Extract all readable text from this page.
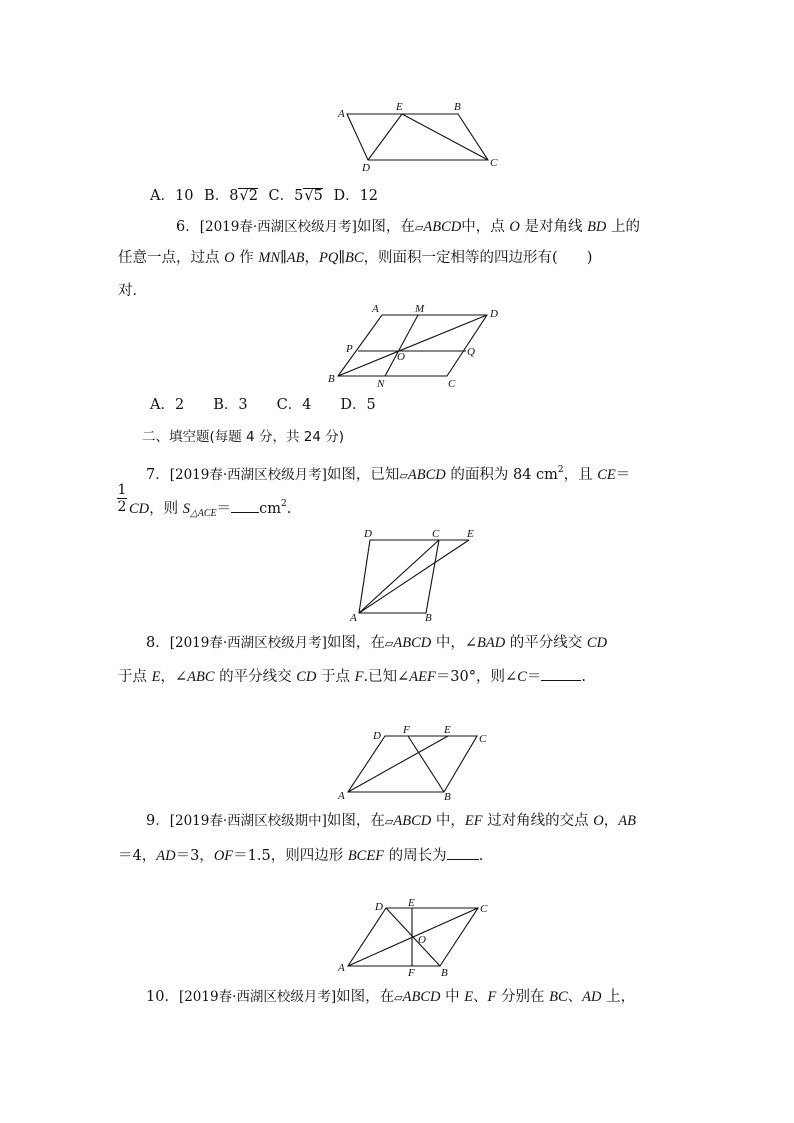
A
E	B
D	C
A．10 B．8√2 C．5√5 D．12
6．[2019春·西湖区校级月考]如图，在▱ABCD中，点 O 是对角线 BD 上的
任意一点，过点 O 作 MN∥AB，PQ∥BC，则面积一定相等的四边形有(　　)
对．
A	M	D
P
O	Q
B	N	C
A．2　　B．3　　C．4　　D．5
二、填空题(每题 4 分，共 24 分)
7．[2019春·西湖区校级月考]如图，已知▱ABCD 的面积为 84 $cm^2$，且 CE＝
1
2 CD，则 $S_{\triangle ACE}= cm^2$.
D	C	E
A	B
8．[2019春·西湖区校级月考]如图，在▱ABCD 中，∠BAD 的平分线交 CD
于点 E，∠ABC 的平分线交 CD 于点 F.已知∠AEF＝30°，则∠C＝	.
D F	E
C
A	B
9．[2019春·西湖区校级期中]如图，在▱ABCD 中，EF 过对角线的交点 O，AB
＝4，AD＝3，OF＝1.5，则四边形 BCEF 的周长为 .
D E	C
O
A	F B
10．[2019春·西湖区校级月考]如图，在▱ABCD 中 E、F 分别在 BC、AD 上，
